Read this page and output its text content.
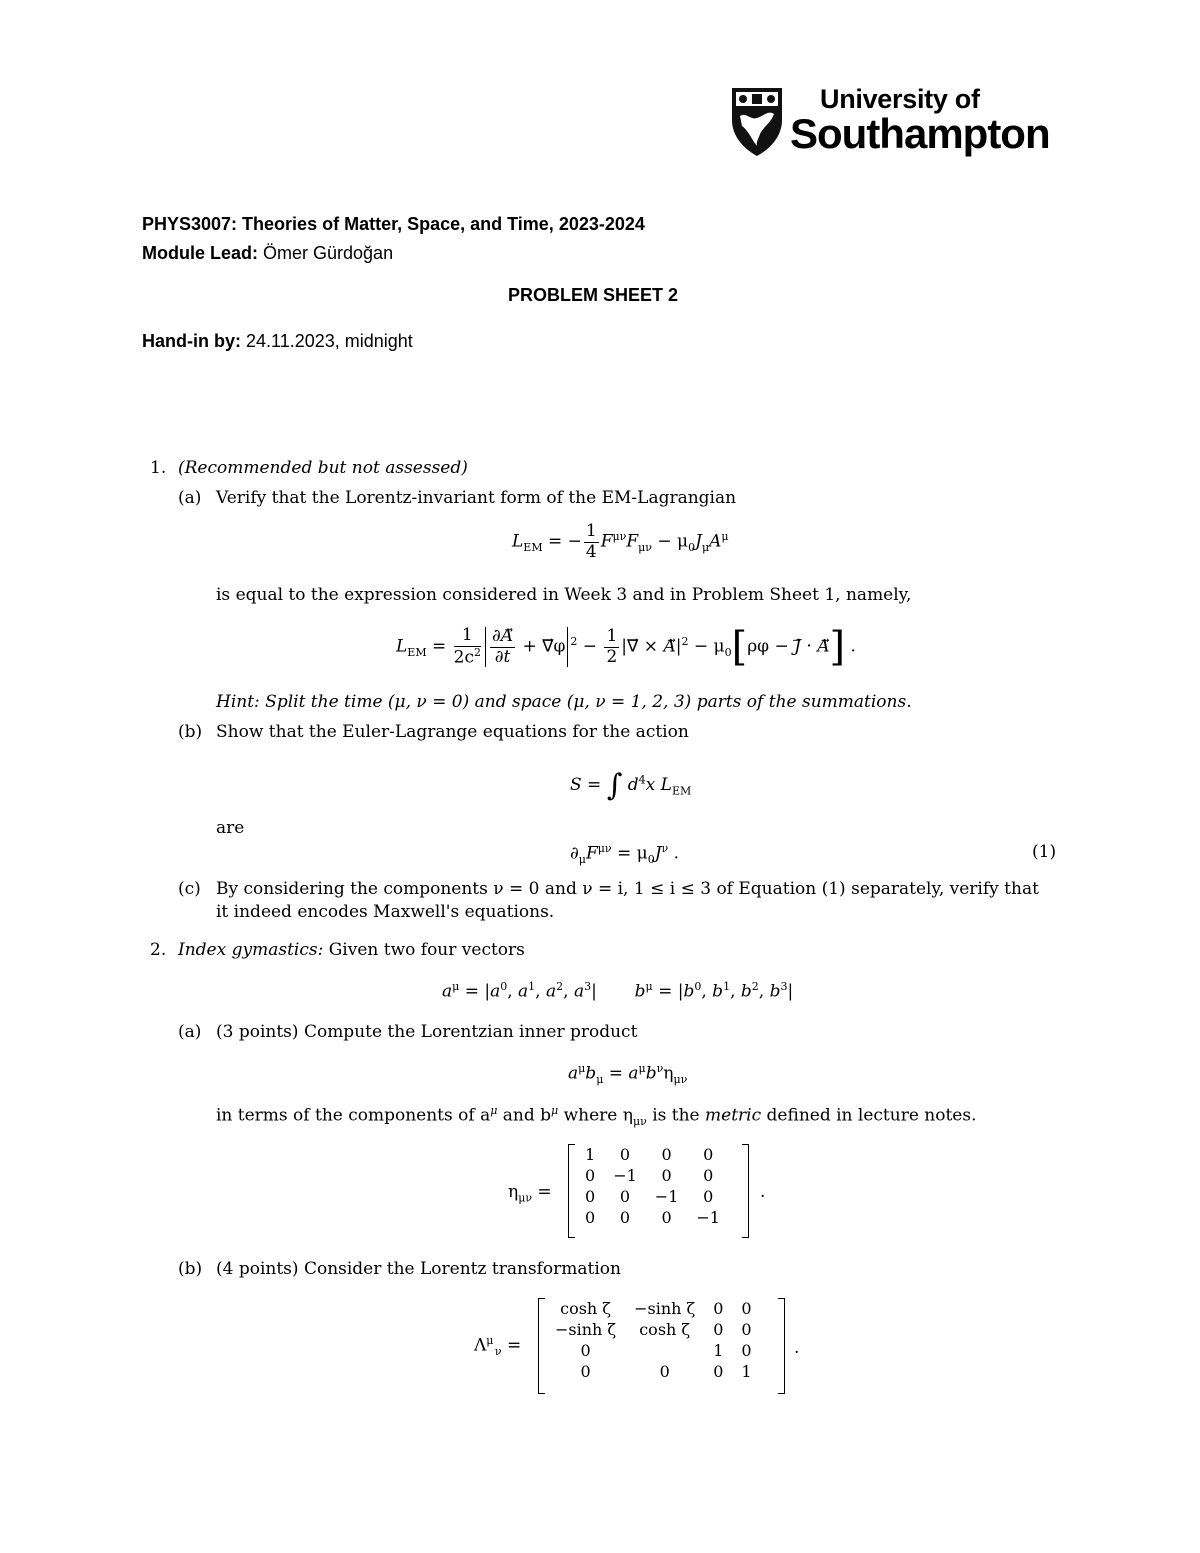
University of
Southampton
PHYS3007: Theories of Matter, Space, and Time, 2023-2024
Module Lead: Ömer Gürdoğan
PROBLEM SHEET 2
Hand-in by: 24.11.2023, midnight
1. (Recommended but not assessed)
(a) Verify that the Lorentz-invariant form of the EM-Lagrangian
$L_{EM}$ = − $\frac{1}{4} F^{\mu\nu}F_{\mu\nu} - \mu_0J_\mu A^\mu$
is equal to the expression considered in Week 3 and in Problem Sheet 1, namely,
$L_{EM} = \frac{1}{2c^2} \frac{\partial A}{\partial t}$ + ∇⃗φ $^2 - \frac{1}{2}$ |∇⃗ × $A⃗|^2 - \mu_0[\rho\varphi$ − J⃗ · A] .
Hint: Split the time (μ, ν = 0) and space (μ, ν = 1, 2, 3) parts of the summations.
(b) Show that the Euler-Lagrange equations for the action
S = ∫ $d^4x$ $L_{EM}$
are
$\partial_\mu F^{\mu\nu} = \mu_0J^\nu$ .	(1)
(c) By considering the components ν = 0 and ν = i, 1 ≤ i ≤ 3 of Equation (1) separately, verify that
it indeed encodes Maxwell's equations.
2. Index gymastics: Given two four vectors
$a^\mu = |a^0$, $a^1$, $a^2$, $a^3|$       $b^\mu = |b^0$, $b^1$, $b^2$, $b^3|$
(a) (3 points) Compute the Lorentzian inner product
$a^\mu b_\mu = a^\mu b^\nu\eta_{\mu\nu}$
in terms of the components of $a^\mu$ and $b^\mu$ where $\eta_{\mu\nu}$ is the metric defined in lecture notes.
$\eta_{\mu\nu}$ =
1	0	0	0
0	−1	0	0
0	0	−1	0
0	0	0	−1
.
(b) (4 points) Consider the Lorentz transformation
$\Lambda^\mu$ $_\nu$ =
cosh ζ	−sinh ζ	0	0
−sinh ζ	cosh ζ	0	0
0		1	0
0	0	0	1
.
